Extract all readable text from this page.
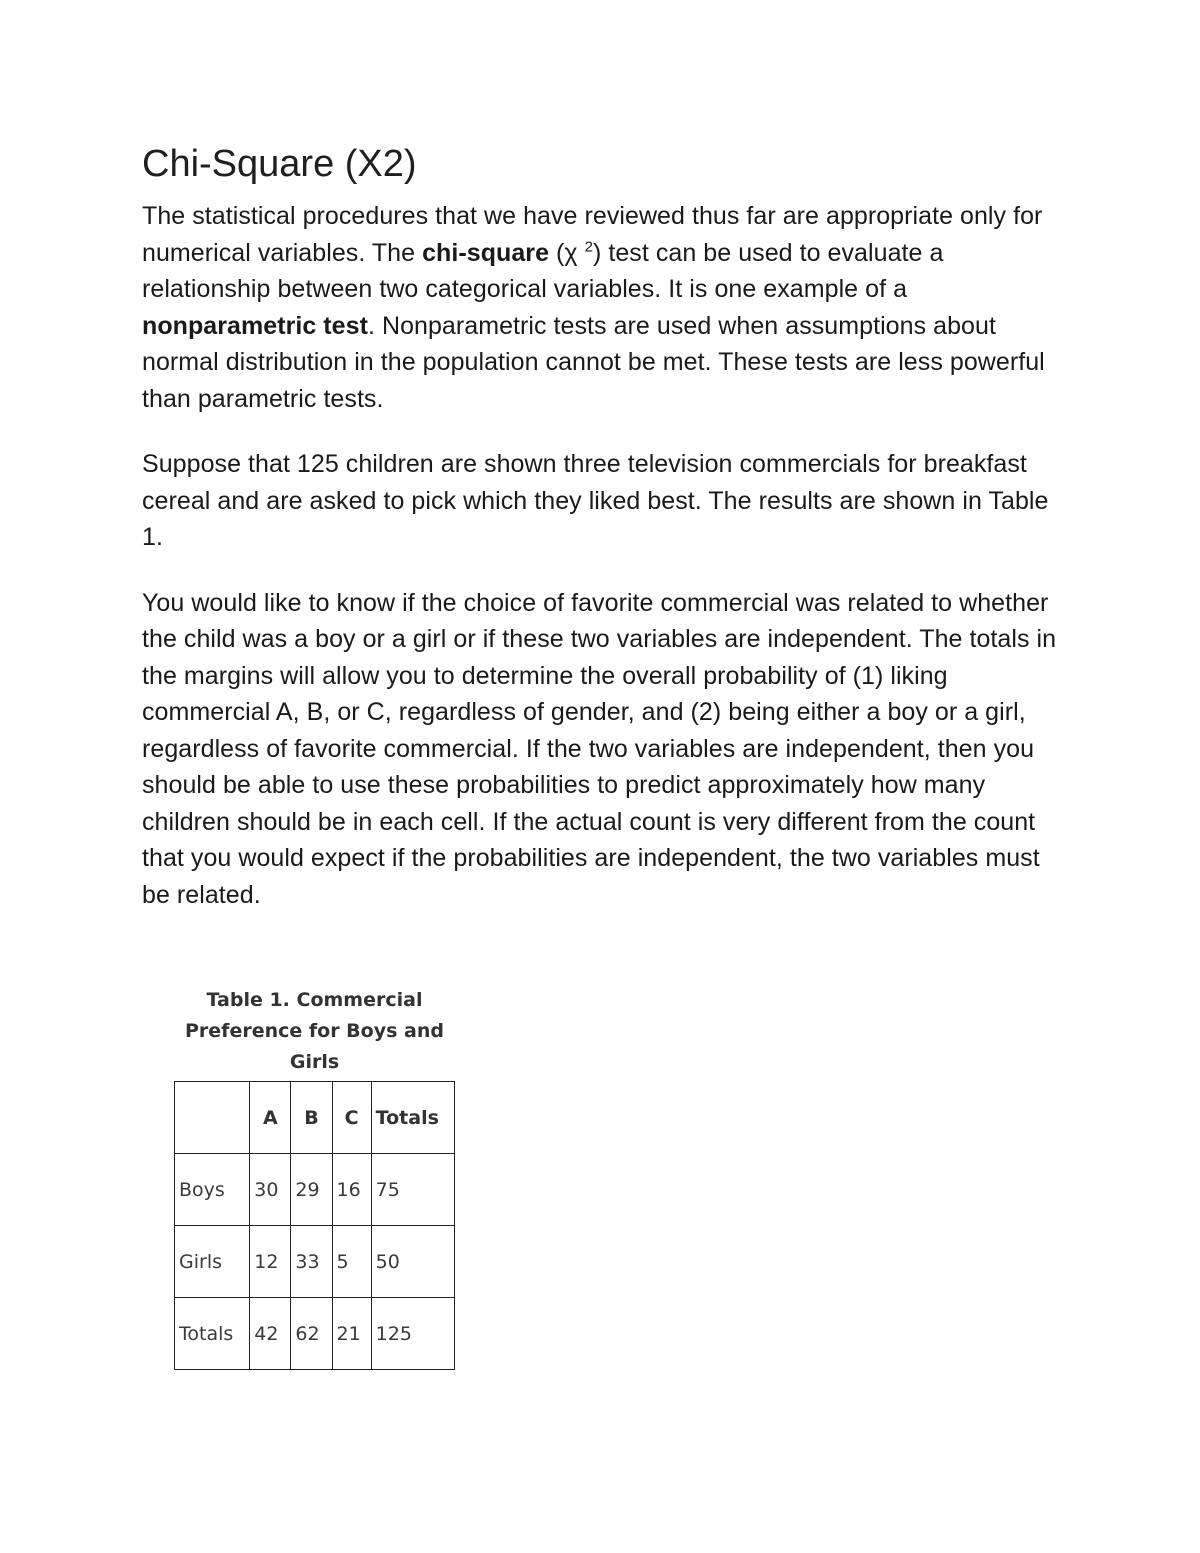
Chi-Square (X2)

The statistical procedures that we have reviewed thus far are appropriate only for numerical variables. The chi‑square (χ $^2$) test can be used to evaluate a relationship between two categorical variables. It is one example of a nonparametric test. Nonparametric tests are used when assumptions about normal distribution in the population cannot be met. These tests are less powerful than parametric tests.

Suppose that 125 children are shown three television commercials for breakfast cereal and are asked to pick which they liked best. The results are shown in Table 1.

You would like to know if the choice of favorite commercial was related to whether the child was a boy or a girl or if these two variables are independent. The totals in the margins will allow you to determine the overall probability of (1) liking commercial A, B, or C, regardless of gender, and (2) being either a boy or a girl, regardless of favorite commercial. If the two variables are independent, then you should be able to use these probabilities to predict approximately how many children should be in each cell. If the actual count is very different from the count that you would expect if the probabilities are independent, the two variables must be related.

Table 1. Commercial Preference for Boys and Girls
	A	B	C	Totals
Boys	30	29	16	75
Girls	12	33	5	50
Totals	42	62	21	125
